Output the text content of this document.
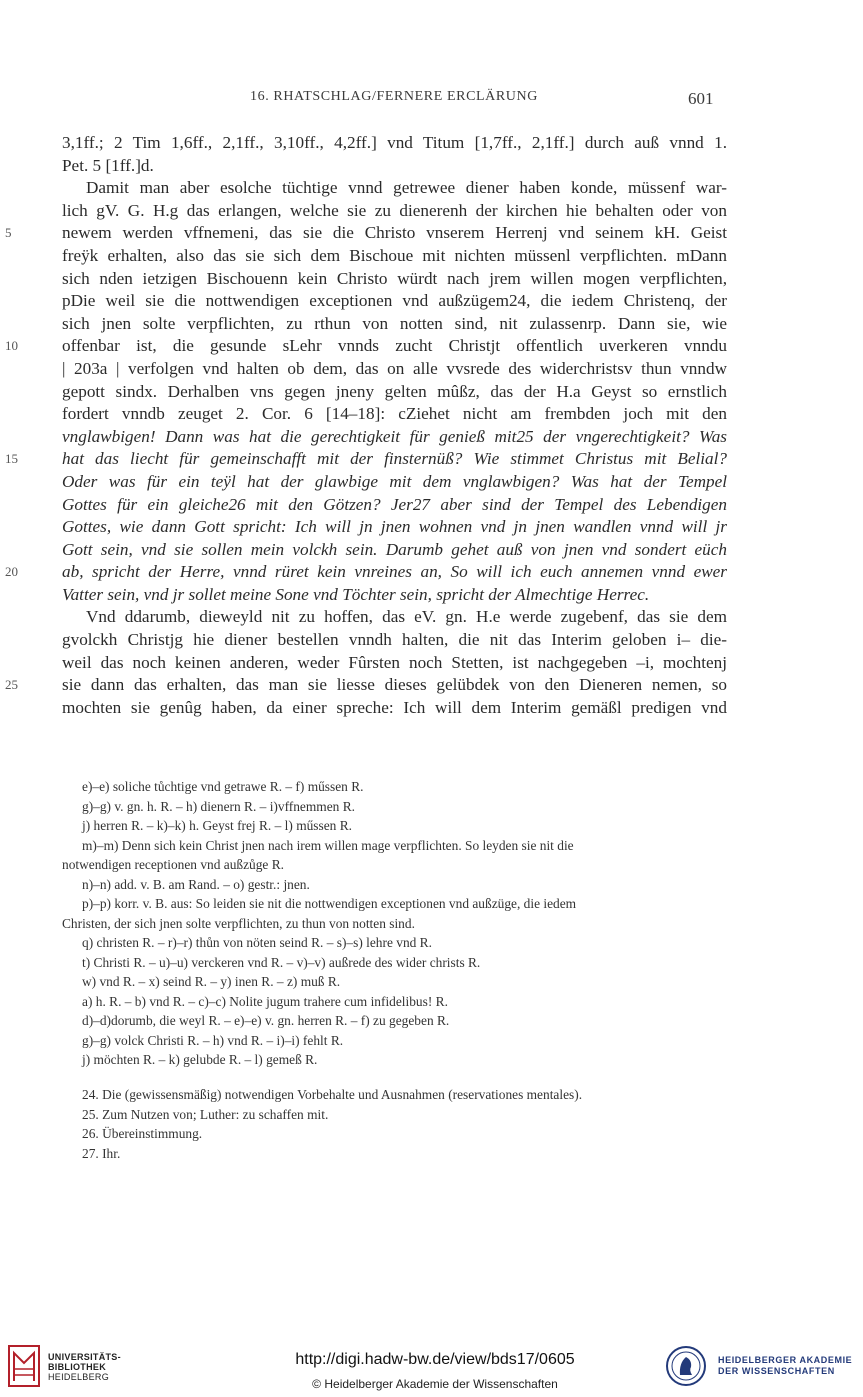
16. RHATSCHLAG/FERNERE ERCLÄRUNG	601
3,1ff.; 2 Tim 1,6ff., 2,1ff., 3,10ff., 4,2ff.] vnd Titum [1,7ff., 2,1ff.] durch auß vnnd 1.
Pet. 5 [1ff.]d.
Damit man aber esolche tüchtige vnnd getrewee diener haben konde, müssenf war-
lich gV. G. H.g das erlangen, welche sie zu dienerenh der kirchen hie behalten oder von
5	newem werden vffnemeni, das sie die Christo vnserem Herrenj vnd seinem kH. Geist
freÿk erhalten, also das sie sich dem Bischoue mit nichten müssenl verpflichten. mDann
sich nden ietzigen Bischouenn kein Christo würdt nach jrem willen mogen verpflichten,
pDie weil sie die nottwendigen exceptionen vnd außzügem24, die iedem Christenq, der
sich jnen solte verpflichten, zu rthun von notten sind, nit zulassenrp. Dann sie, wie
10	offenbar ist, die gesunde sLehr vnnds zucht Christjt offentlich uverkeren vnndu
| 203a | verfolgen vnd halten ob dem, das on alle vvsrede des widerchristsv thun vnndw
gepott sindx. Derhalben vns gegen jneny gelten mûßz, das der H.a Geyst so ernstlich
fordert vnndb zeuget 2. Cor. 6 [14–18]: cZiehet nicht am frembden joch mit den
vnglawbigen! Dann was hat die gerechtigkeit für genieß mit25 der vngerechtigkeit? Was
15	hat das liecht für gemeinschafft mit der finsternüß? Wie stimmet Christus mit Belial?
Oder was für ein teÿl hat der glawbige mit dem vnglawbigen? Was hat der Tempel
Gottes für ein gleiche26 mit den Götzen? Jer27 aber sind der Tempel des Lebendigen
Gottes, wie dann Gott spricht: Ich will jn jnen wohnen vnd jn jnen wandlen vnnd will jr
Gott sein, vnd sie sollen mein volckh sein. Darumb gehet auß von jnen vnd sondert eüch
20	ab, spricht der Herre, vnnd rüret kein vnreines an, So will ich euch annemen vnnd ewer
Vatter sein, vnd jr sollet meine Sone vnd Töchter sein, spricht der Almechtige Herrec.
Vnd ddarumb, dieweyld nit zu hoffen, das eV. gn. H.e werde zugebenf, das sie dem
gvolckh Christjg hie diener bestellen vnndh halten, die nit das Interim geloben i– die-
weil das noch keinen anderen, weder Fûrsten noch Stetten, ist nachgegeben –i, mochtenj
25	sie dann das erhalten, das man sie liesse dieses gelübdek von den Dieneren nemen, so
mochten sie genûg haben, da einer spreche: Ich will dem Interim gemäßl predigen vnd
e)–e) soliche tůchtige vnd getrawe R. – f) műssen R.
g)–g) v. gn. h. R. – h) dienern R. – i)vffnemmen R.
j) herren R. – k)–k) h. Geyst frej R. – l) műssen R.
m)–m) Denn sich kein Christ jnen nach irem willen mage verpflichten. So leyden sie nit die
notwendigen receptionen vnd außzůge R.
n)–n) add. v. B. am Rand. – o) gestr.: jnen.
p)–p) korr. v. B. aus: So leiden sie nit die nottwendigen exceptionen vnd außzüge, die iedem
Christen, der sich jnen solte verpflichten, zu thun von notten sind.
q) christen R. – r)–r) thůn von nöten seind R. – s)–s) lehre vnd R.
t) Christi R. – u)–u) verckeren vnd R. – v)–v) außrede des wider christs R.
w) vnd R. – x) seind R. – y) inen R. – z) muß R.
a) h. R. – b) vnd R. – c)–c) Nolite jugum trahere cum infidelibus! R.
d)–d)dorumb, die weyl R. – e)–e) v. gn. herren R. – f) zu gegeben R.
g)–g) volck Christi R. – h) vnd R. – i)–i) fehlt R.
j) möchten R. – k) gelubde R. – l) gemeß R.
24. Die (gewissensmäßig) notwendigen Vorbehalte und Ausnahmen (reservationes mentales).
25. Zum Nutzen von; Luther: zu schaffen mit.
26. Übereinstimmung.
27. Ihr.
UNIVERSITÄTS-
BIBLIOTHEK
HEIDELBERG
http://digi.hadw-bw.de/view/bds17/0605
© Heidelberger Akademie der Wissenschaften
HEIDELBERGER AKADEMIE
DER WISSENSCHAFTEN
